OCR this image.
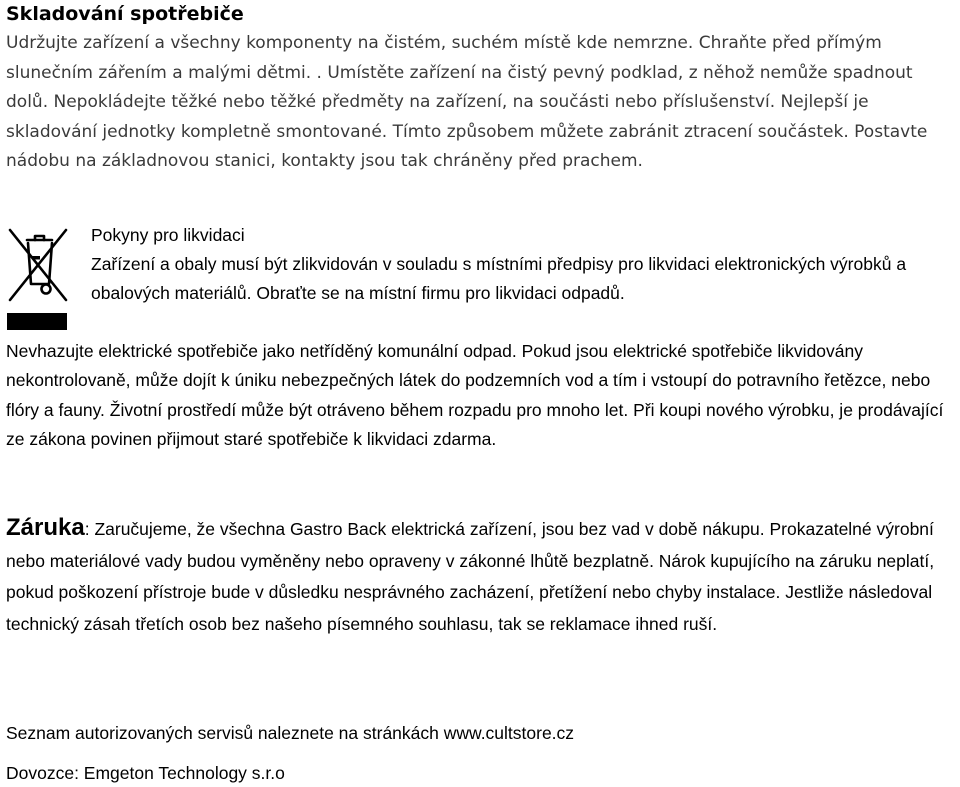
Skladování spotřebiče

Udržujte zařízení a všechny komponenty na čistém, suchém místě kde nemrzne. Chraňte před přímým slunečním zářením a malými dětmi. . Umístěte zařízení na čistý pevný podklad, z něhož nemůže spadnout dolů. Nepokládejte těžké nebo těžké předměty na zařízení, na součásti nebo příslušenství. Nejlepší je skladování jednotky kompletně smontované. Tímto způsobem můžete zabránit ztracení součástek. Postavte nádobu na základnovou stanici, kontakty jsou tak chráněny před prachem.

Pokyny pro likvidaci

Zařízení a obaly musí být zlikvidován v souladu s místními předpisy pro likvidaci elektronických výrobků a obalových materiálů. Obraťte se na místní firmu pro likvidaci odpadů.

Nevhazujte elektrické spotřebiče jako netříděný komunální odpad. Pokud jsou elektrické spotřebiče likvidovány nekontrolovaně, může dojít k úniku nebezpečných látek do podzemních vod a tím i vstoupí do potravního řetězce, nebo flóry a fauny. Životní prostředí může být otráveno během rozpadu pro mnoho let. Při koupi nového výrobku, je prodávající ze zákona povinen přijmout staré spotřebiče k likvidaci zdarma.

Záruka: Zaručujeme, že všechna Gastro Back elektrická zařízení, jsou bez vad v době nákupu. Prokazatelné výrobní nebo materiálové vady budou vyměněny nebo opraveny v zákonné lhůtě bezplatně. Nárok kupujícího na záruku neplatí, pokud poškození přístroje bude v důsledku nesprávného zacházení, přetížení nebo chyby instalace. Jestliže následoval technický zásah třetích osob bez našeho písemného souhlasu, tak se reklamace ihned ruší.

Seznam autorizovaných servisů naleznete na stránkách www.cultstore.cz

Dovozce: Emgeton Technology s.r.o
